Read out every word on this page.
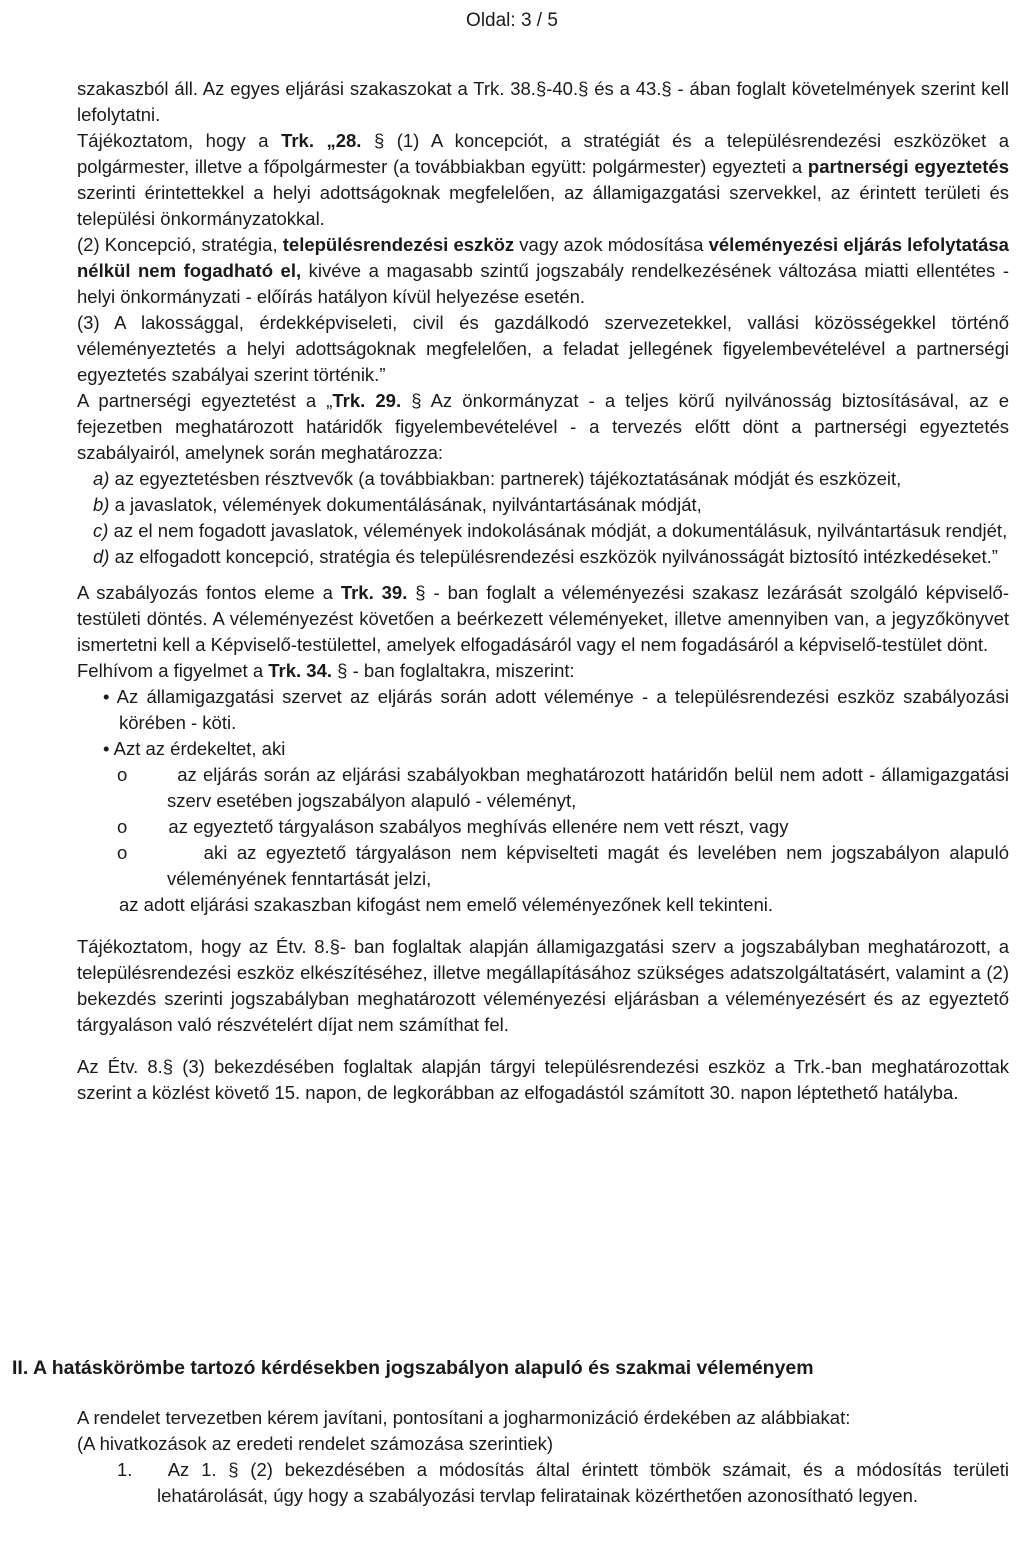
Oldal: 3 / 5

szakaszból áll. Az egyes eljárási szakaszokat a Trk. 38.§-40.§ és a 43.§ - ában foglalt követelmények szerint kell lefolytatni.

Tájékoztatom, hogy a Trk. „28. § (1) A koncepciót, a stratégiát és a településrendezési eszközöket a polgármester, illetve a főpolgármester (a továbbiakban együtt: polgármester) egyezteti a partnerségi egyeztetés szerinti érintettekkel a helyi adottságoknak megfelelően, az államigazgatási szervekkel, az érintett területi és települési önkormányzatokkal.

(2) Koncepció, stratégia, településrendezési eszköz vagy azok módosítása véleményezési eljárás lefolytatása nélkül nem fogadható el, kivéve a magasabb szintű jogszabály rendelkezésének változása miatti ellentétes - helyi önkormányzati - előírás hatályon kívül helyezése esetén.

(3) A lakossággal, érdekképviseleti, civil és gazdálkodó szervezetekkel, vallási közösségekkel történő véleményeztetés a helyi adottságoknak megfelelően, a feladat jellegének figyelembevételével a partnerségi egyeztetés szabályai szerint történik.”

A partnerségi egyeztetést a „Trk. 29. § Az önkormányzat - a teljes körű nyilvánosság biztosításával, az e fejezetben meghatározott határidők figyelembevételével - a tervezés előtt dönt a partnerségi egyeztetés szabályairól, amelynek során meghatározza:

a) az egyeztetésben résztvevők (a továbbiakban: partnerek) tájékoztatásának módját és eszközeit,

b) a javaslatok, vélemények dokumentálásának, nyilvántartásának módját,

c) az el nem fogadott javaslatok, vélemények indokolásának módját, a dokumentálásuk, nyilvántartásuk rendjét,

d) az elfogadott koncepció, stratégia és településrendezési eszközök nyilvánosságát biztosító intézkedéseket.”

A szabályozás fontos eleme a Trk. 39. § - ban foglalt a véleményezési szakasz lezárását szolgáló képviselő-testületi döntés. A véleményezést követően a beérkezett véleményeket, illetve amennyiben van, a jegyzőkönyvet ismertetni kell a Képviselő-testülettel, amelyek elfogadásáról vagy el nem fogadásáról a képviselő-testület dönt.

Felhívom a figyelmet a Trk. 34. § - ban foglaltakra, miszerint:

• Az államigazgatási szervet az eljárás során adott véleménye - a településrendezési eszköz szabályozási körében - köti.

• Azt az érdekeltet, aki

o	az eljárás során az eljárási szabályokban meghatározott határidőn belül nem adott - államigazgatási szerv esetében jogszabályon alapuló - véleményt,

o az egyeztető tárgyaláson szabályos meghívás ellenére nem vett részt, vagy

o	aki az egyeztető tárgyaláson nem képviselteti magát és levelében nem jogszabályon alapuló véleményének fenntartását jelzi,

az adott eljárási szakaszban kifogást nem emelő véleményezőnek kell tekinteni.

Tájékoztatom, hogy az Étv. 8.§- ban foglaltak alapján államigazgatási szerv a jogszabályban meghatározott, a településrendezési eszköz elkészítéséhez, illetve megállapításához szükséges adatszolgáltatásért, valamint a (2) bekezdés szerinti jogszabályban meghatározott véleményezési eljárásban a véleményezésért és az egyeztető tárgyaláson való részvételért díjat nem számíthat fel.

Az Étv. 8.§ (3) bekezdésében foglaltak alapján tárgyi településrendezési eszköz a Trk.-ban meghatározottak szerint a közlést követő 15. napon, de legkorábban az elfogadástól számított 30. napon léptethető hatályba.

II. A hatáskörömbe tartozó kérdésekben jogszabályon alapuló és szakmai véleményem

A rendelet tervezetben kérem javítani, pontosítani a jogharmonizáció érdekében az alábbiakat:

(A hivatkozások az eredeti rendelet számozása szerintiek)

1. Az 1. § (2) bekezdésében a módosítás által érintett tömbök számait, és a módosítás területi lehatárolását, úgy hogy a szabályozási tervlap feliratainak közérthetően azonosítható legyen.
